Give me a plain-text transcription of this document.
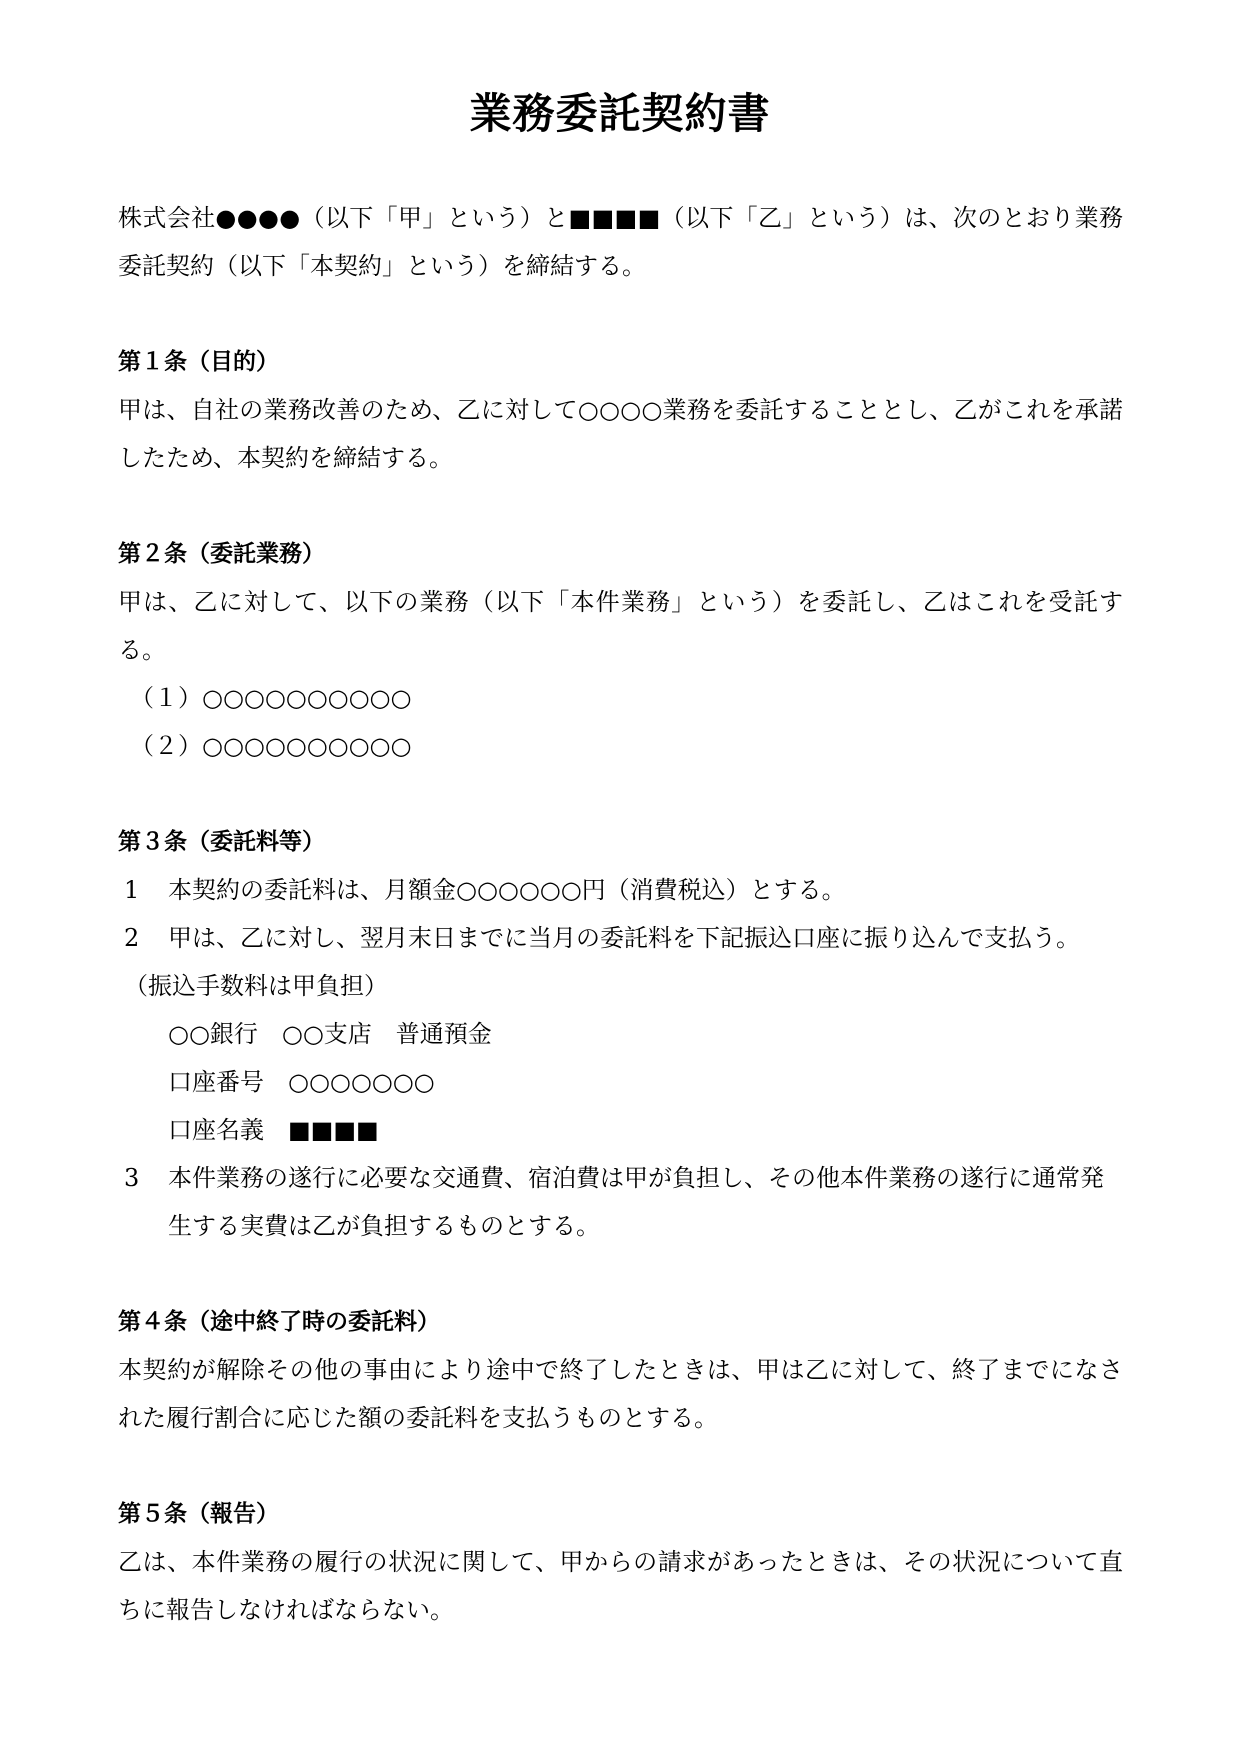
業務委託契約書

株式会社●●●●（以下「甲」という）と■■■■（以下「乙」という）は、次のとおり業務委託契約（以下「本契約」という）を締結する。

第１条（目的）

甲は、自社の業務改善のため、乙に対して○○○○業務を委託することとし、乙がこれを承諾したため、本契約を締結する。

第２条（委託業務）

甲は、乙に対して、以下の業務（以下「本件業務」という）を委託し、乙はこれを受託する。

（１）○○○○○○○○○○

（２）○○○○○○○○○○

第３条（委託料等）

1	本契約の委託料は、月額金○○○○○○円（消費税込）とする。
2	甲は、乙に対し、翌月末日までに当月の委託料を下記振込口座に振り込んで支払う。

（振込手数料は甲負担）

○○銀行　○○支店　普通預金

口座番号　○○○○○○○

口座名義　■■■■

3	本件業務の遂行に必要な交通費、宿泊費は甲が負担し、その他本件業務の遂行に通常発生する実費は乙が負担するものとする。

第４条（途中終了時の委託料）

本契約が解除その他の事由により途中で終了したときは、甲は乙に対して、終了までになされた履行割合に応じた額の委託料を支払うものとする。

第５条（報告）

乙は、本件業務の履行の状況に関して、甲からの請求があったときは、その状況について直ちに報告しなければならない。
